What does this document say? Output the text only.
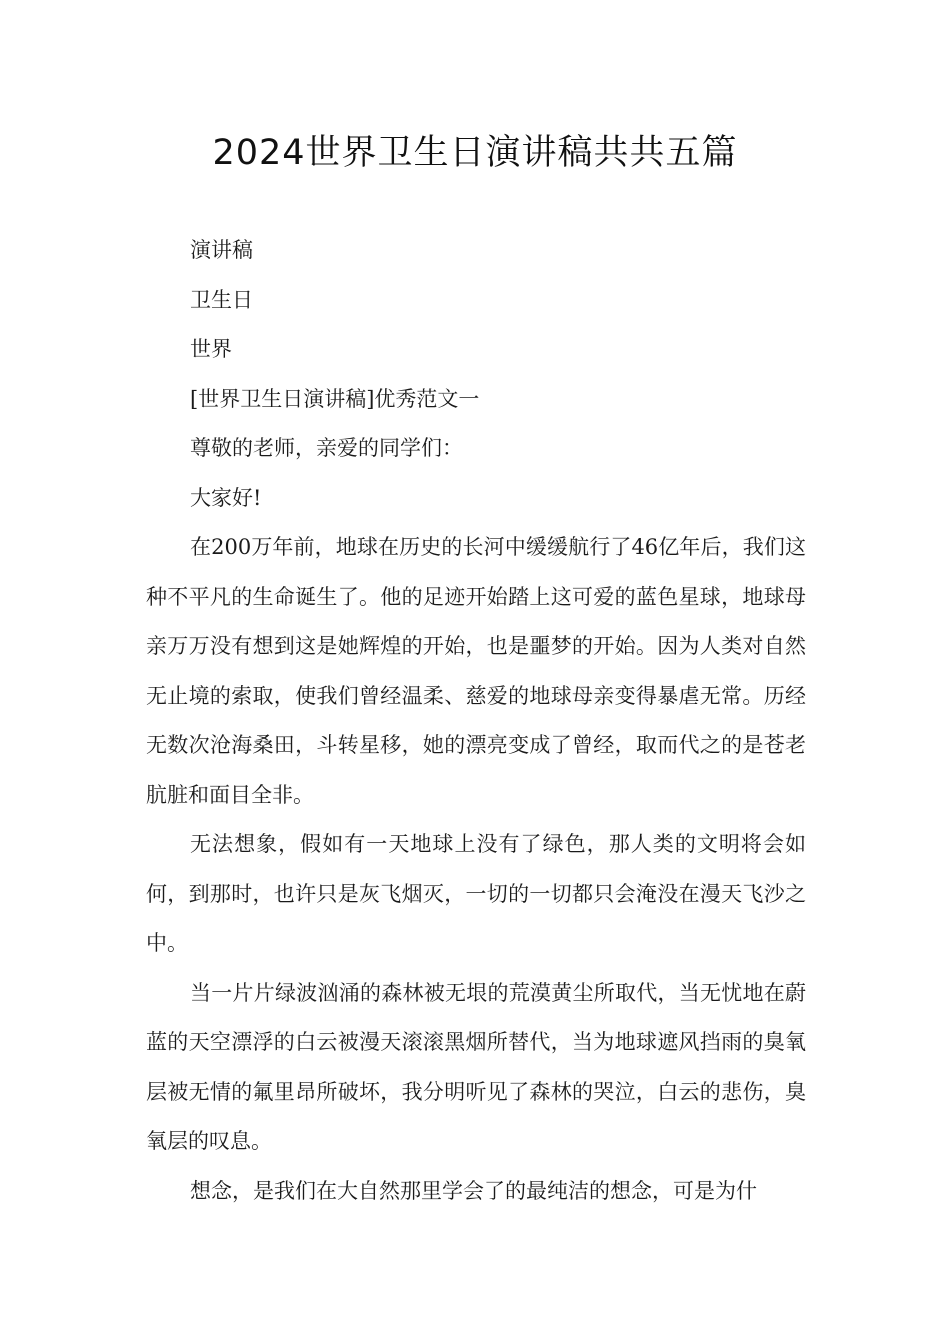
2024世界卫生日演讲稿共共五篇

演讲稿

卫生日

世界

[世界卫生日演讲稿]优秀范文一

尊敬的老师，亲爱的同学们：

大家好!

在200万年前，地球在历史的长河中缓缓航行了46亿年后，我们这种不平凡的生命诞生了。他的足迹开始踏上这可爱的蓝色星球，地球母亲万万没有想到这是她辉煌的开始，也是噩梦的开始。因为人类对自然无止境的索取，使我们曾经温柔、慈爱的地球母亲变得暴虐无常。历经无数次沧海桑田，斗转星移，她的漂亮变成了曾经，取而代之的是苍老肮脏和面目全非。

无法想象，假如有一天地球上没有了绿色，那人类的文明将会如何，到那时，也许只是灰飞烟灭，一切的一切都只会淹没在漫天飞沙之中。

当一片片绿波汹涌的森林被无垠的荒漠黄尘所取代，当无忧地在蔚蓝的天空漂浮的白云被漫天滚滚黑烟所替代，当为地球遮风挡雨的臭氧层被无情的氟里昂所破坏，我分明听见了森林的哭泣，白云的悲伤，臭氧层的叹息。

想念，是我们在大自然那里学会了的最纯洁的想念，可是为什
